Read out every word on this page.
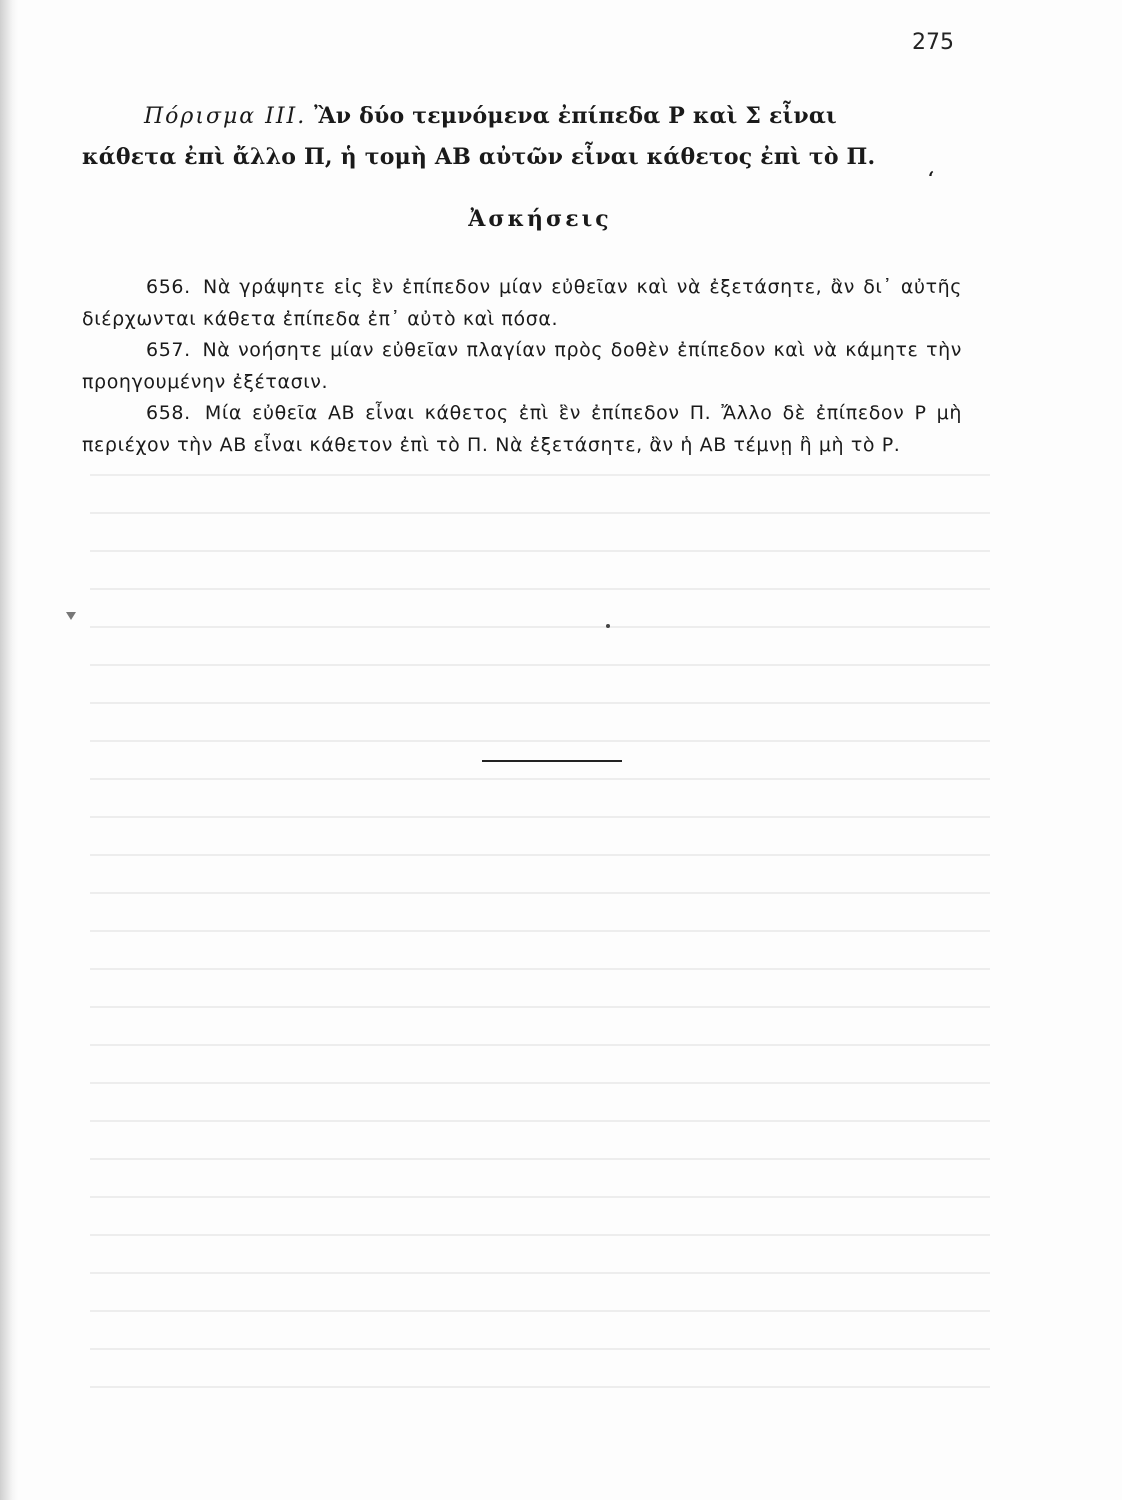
275
Πόρισμα III. Ἂν δύο τεμνόμενα ἐπίπεδα Ρ καὶ Σ εἶναι
κάθετα ἐπὶ ἄλλο Π, ἡ τομὴ ΑΒ αὐτῶν εἶναι κάθετος ἐπὶ τὸ Π.
ʻ
Ἀσκήσεις

656. Νὰ γράψητε εἰς ἓν ἐπίπεδον μίαν εὐθεῖαν καὶ νὰ ἐξετάσητε, ἂν δι᾿ αὐτῆς διέρχωνται κάθετα ἐπίπεδα ἐπ᾿ αὐτὸ καὶ πόσα.

657. Νὰ νοήσητε μίαν εὐθεῖαν πλαγίαν πρὸς δοθὲν ἐπίπεδον καὶ νὰ κάμητε τὴν προηγουμένην ἐξέτασιν.

658. Μία εὐθεῖα ΑΒ εἶναι κάθετος ἐπὶ ἓν ἐπίπεδον Π. Ἄλλο δὲ ἐπίπεδον Ρ μὴ περιέχον τὴν ΑΒ εἶναι κάθετον ἐπὶ τὸ Π. Νὰ ἐξετάσητε, ἂν ἡ ΑΒ τέμνῃ ἢ μὴ τὸ Ρ.
